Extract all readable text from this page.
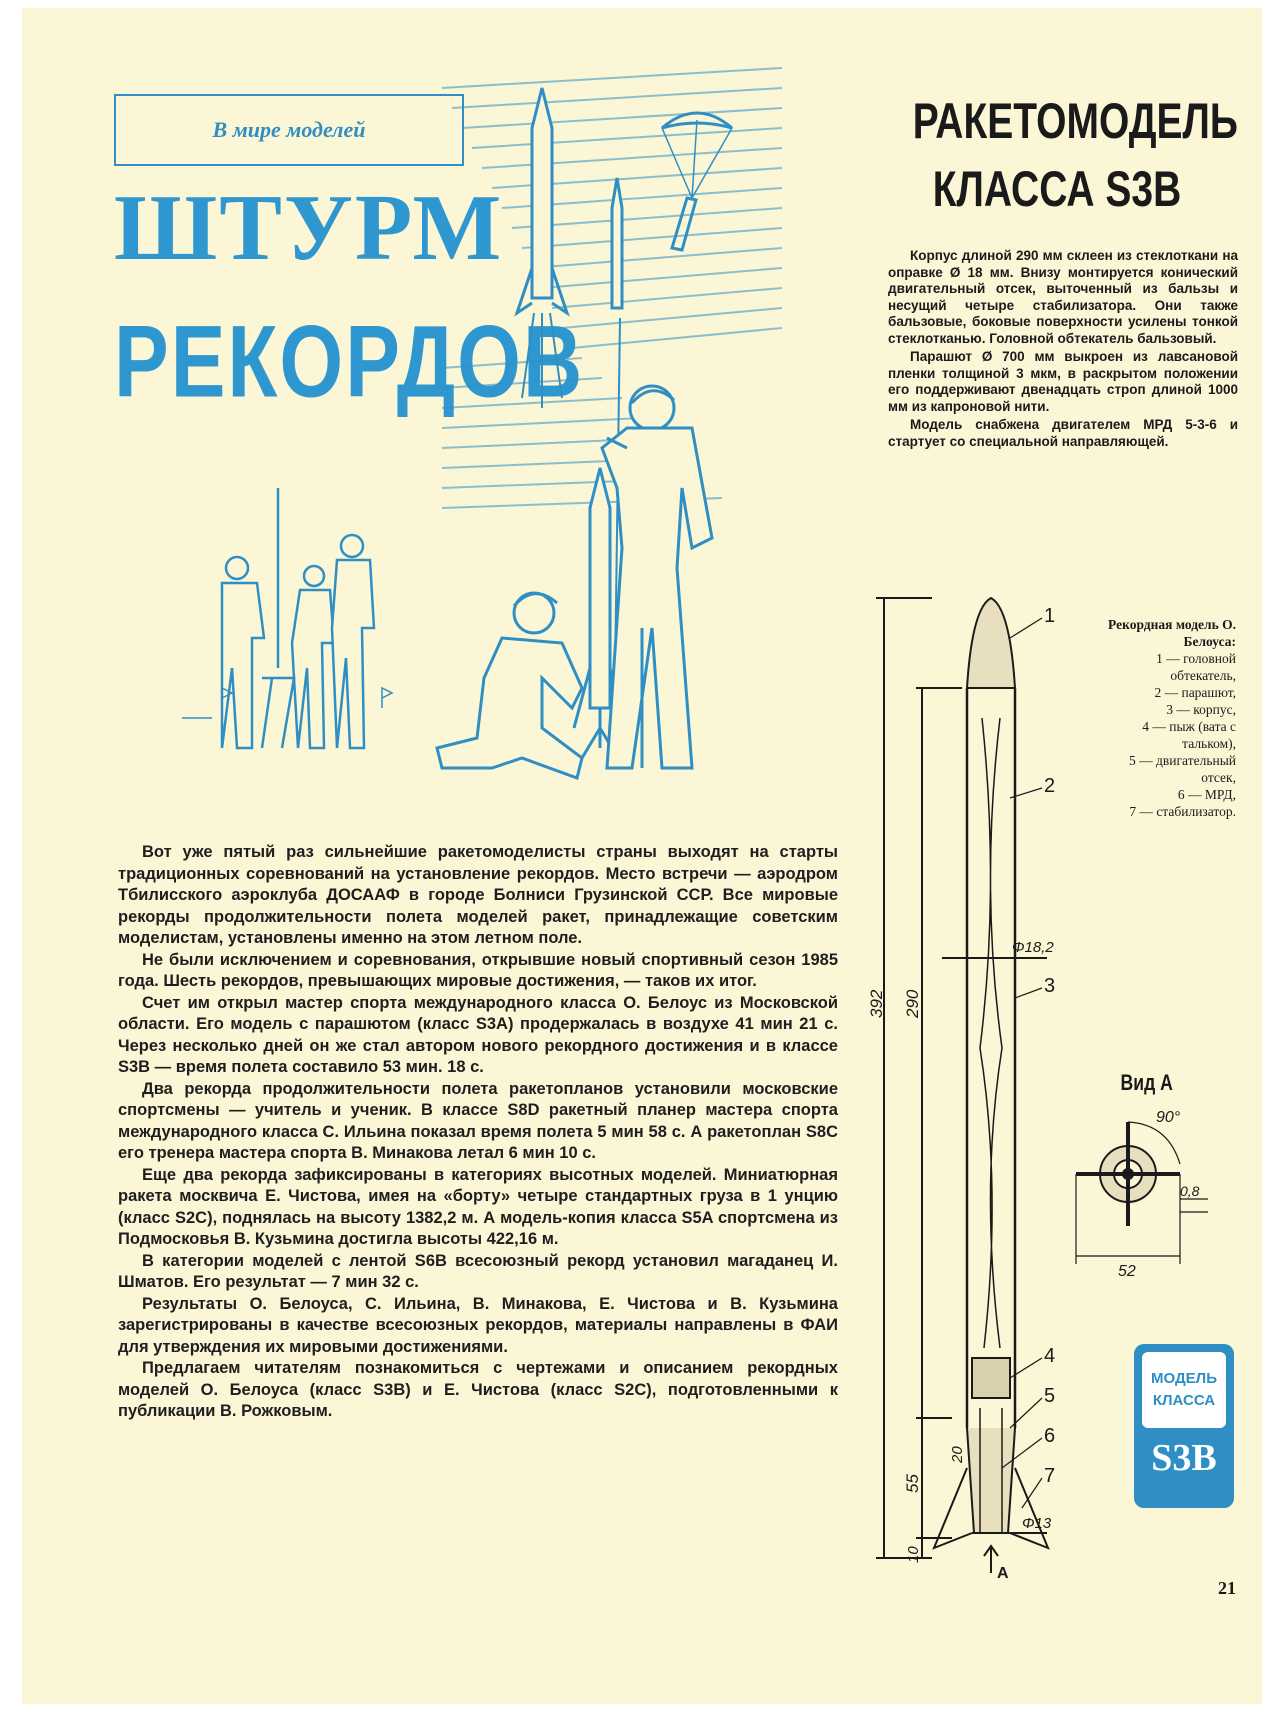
В мире моделей
ШТУРМ
РЕКОРДОВ
РАКЕТОМОДЕЛЬ
КЛАССА S3B

Корпус длиной 290 мм склеен из стеклоткани на оправке Ø 18 мм. Внизу монтируется конический двигательный отсек, выточенный из бальзы и несущий четыре стабилизатора. Они также бальзовые, боковые поверхности усилены тонкой стеклотканью. Головной обтекатель бальзовый.

Парашют Ø 700 мм выкроен из лавсановой пленки толщиной 3 мкм, в раскрытом положении его поддерживают двенадцать строп длиной 1000 мм из капроновой нити.

Модель снабжена двигателем МРД 5-3-6 и стартует со специальной направляющей.

Вот уже пятый раз сильнейшие ракетомоделисты страны выходят на старты традиционных соревнований на установление рекордов. Место встречи — аэродром Тбилисского аэроклуба ДОСААФ в городе Болниси Грузинской ССР. Все мировые рекорды продолжительности полета моделей ракет, принадлежащие советским моделистам, установлены именно на этом летном поле.

Не были исключением и соревнования, открывшие новый спортивный сезон 1985 года. Шесть рекордов, превышающих мировые достижения, — таков их итог.

Счет им открыл мастер спорта международного класса О. Белоус из Московской области. Его модель с парашютом (класс S3A) продержалась в воздухе 41 мин 21 с. Через несколько дней он же стал автором нового рекордного достижения и в классе S3B — время полета составило 53 мин. 18 с.

Два рекорда продолжительности полета ракетопланов установили московские спортсмены — учитель и ученик. В классе S8D ракетный планер мастера спорта международного класса С. Ильина показал время полета 5 мин 58 с. А ракетоплан S8C его тренера мастера спорта В. Минакова летал 6 мин 10 с.

Еще два рекорда зафиксированы в категориях высотных моделей. Миниатюрная ракета москвича Е. Чистова, имея на «борту» четыре стандартных груза в 1 унцию (класс S2C), поднялась на высоту 1382,2 м. А модель-копия класса S5A спортсмена из Подмосковья В. Кузьмина достигла высоты 422,16 м.

В категории моделей с лентой S6B всесоюзный рекорд установил магаданец И. Шматов. Его результат — 7 мин 32 с.

Результаты О. Белоуса, С. Ильина, В. Минакова, Е. Чистова и В. Кузьмина зарегистрированы в качестве всесоюзных рекордов, материалы направлены в ФАИ для утверждения их мировыми достижениями.

Предлагаем читателям познакомиться с чертежами и описанием рекордных моделей О. Белоуса (класс S3B) и Е. Чистова (класс S2C), подготовленными к публикации В. Рожковым.

1
2
3
4
5
6
7
392 290
55
10
20
Φ18,2
Φ13
A
Вид А
90°
0,8
52
Рекордная модель О. Белоуса:
1 — головной обтекатель,
2 — парашют,
3 — корпус,
4 — пыж (вата с тальком),
5 — двигательный отсек,
6 — МРД,
7 — стабилизатор.
МОДЕЛЬ
КЛАССА
S3B
21
